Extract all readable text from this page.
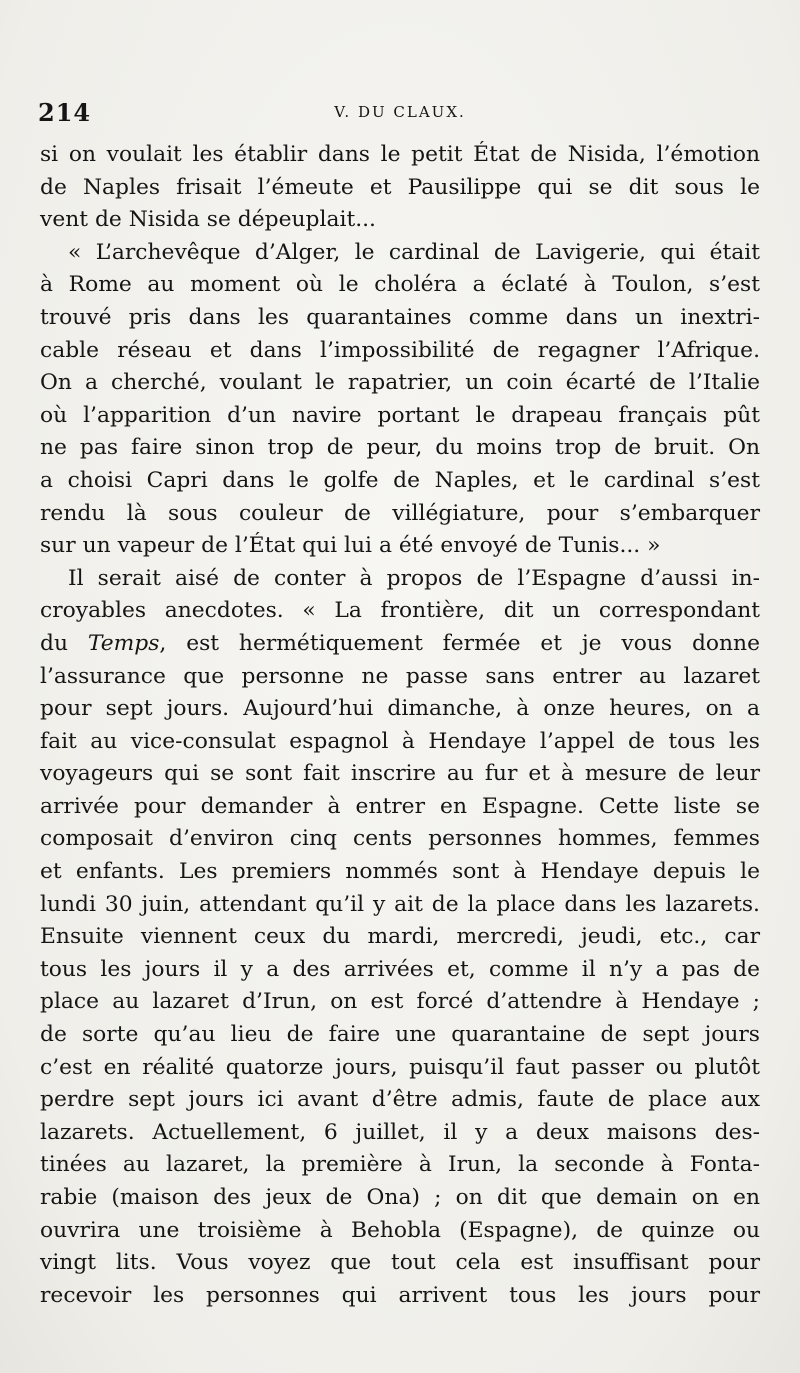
214	V. DU CLAUX.
si on voulait les établir dans le petit État de Nisida, l’émotion
de Naples frisait l’émeute et Pausilippe qui se dit sous le
vent de Nisida se dépeuplait...
« L’archevêque d’Alger, le cardinal de Lavigerie, qui était
à Rome au moment où le choléra a éclaté à Toulon, s’est
trouvé pris dans les quarantaines comme dans un inextri-
cable réseau et dans l’impossibilité de regagner l’Afrique.
On a cherché, voulant le rapatrier, un coin écarté de l’Italie
où l’apparition d’un navire portant le drapeau français pût
ne pas faire sinon trop de peur, du moins trop de bruit. On
a choisi Capri dans le golfe de Naples, et le cardinal s’est
rendu là sous couleur de villégiature, pour s’embarquer
sur un vapeur de l’État qui lui a été envoyé de Tunis... »
Il serait aisé de conter à propos de l’Espagne d’aussi in-
croyables anecdotes. « La frontière, dit un correspondant
du Temps, est hermétiquement fermée et je vous donne
l’assurance que personne ne passe sans entrer au lazaret
pour sept jours. Aujourd’hui dimanche, à onze heures, on a
fait au vice-consulat espagnol à Hendaye l’appel de tous les
voyageurs qui se sont fait inscrire au fur et à mesure de leur
arrivée pour demander à entrer en Espagne. Cette liste se
composait d’environ cinq cents personnes hommes, femmes
et enfants. Les premiers nommés sont à Hendaye depuis le
lundi 30 juin, attendant qu’il y ait de la place dans les lazarets.
Ensuite viennent ceux du mardi, mercredi, jeudi, etc., car
tous les jours il y a des arrivées et, comme il n’y a pas de
place au lazaret d’Irun, on est forcé d’attendre à Hendaye ;
de sorte qu’au lieu de faire une quarantaine de sept jours
c’est en réalité quatorze jours, puisqu’il faut passer ou plutôt
perdre sept jours ici avant d’être admis, faute de place aux
lazarets. Actuellement, 6 juillet, il y a deux maisons des-
tinées au lazaret, la première à Irun, la seconde à Fonta-
rabie (maison des jeux de Ona) ; on dit que demain on en
ouvrira une troisième à Behobla (Espagne), de quinze ou
vingt lits. Vous voyez que tout cela est insuffisant pour
recevoir les personnes qui arrivent tous les jours pour
